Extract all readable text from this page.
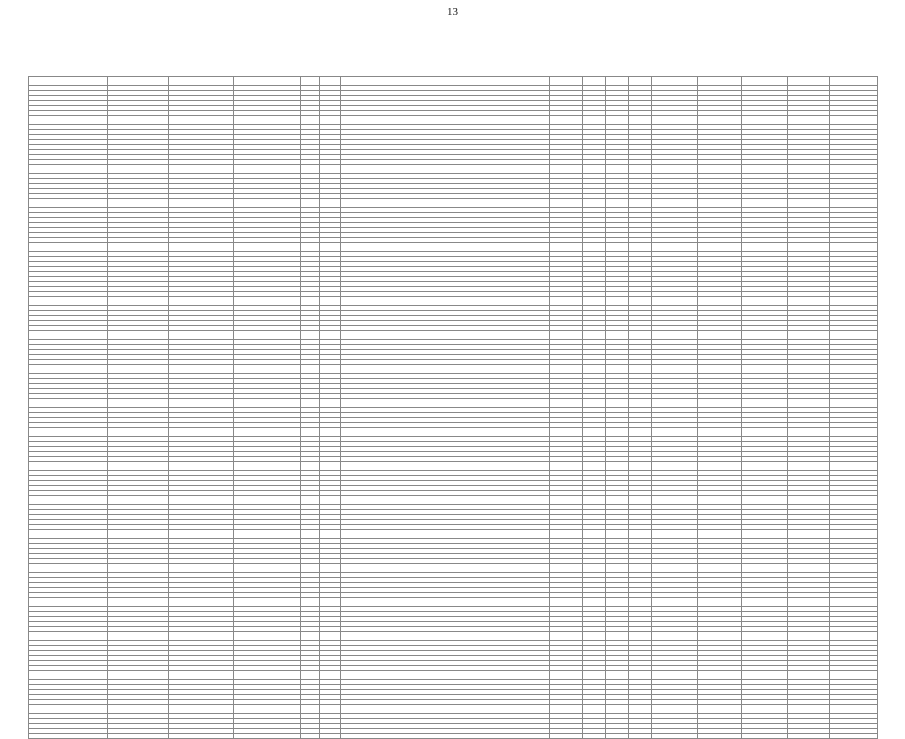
13
